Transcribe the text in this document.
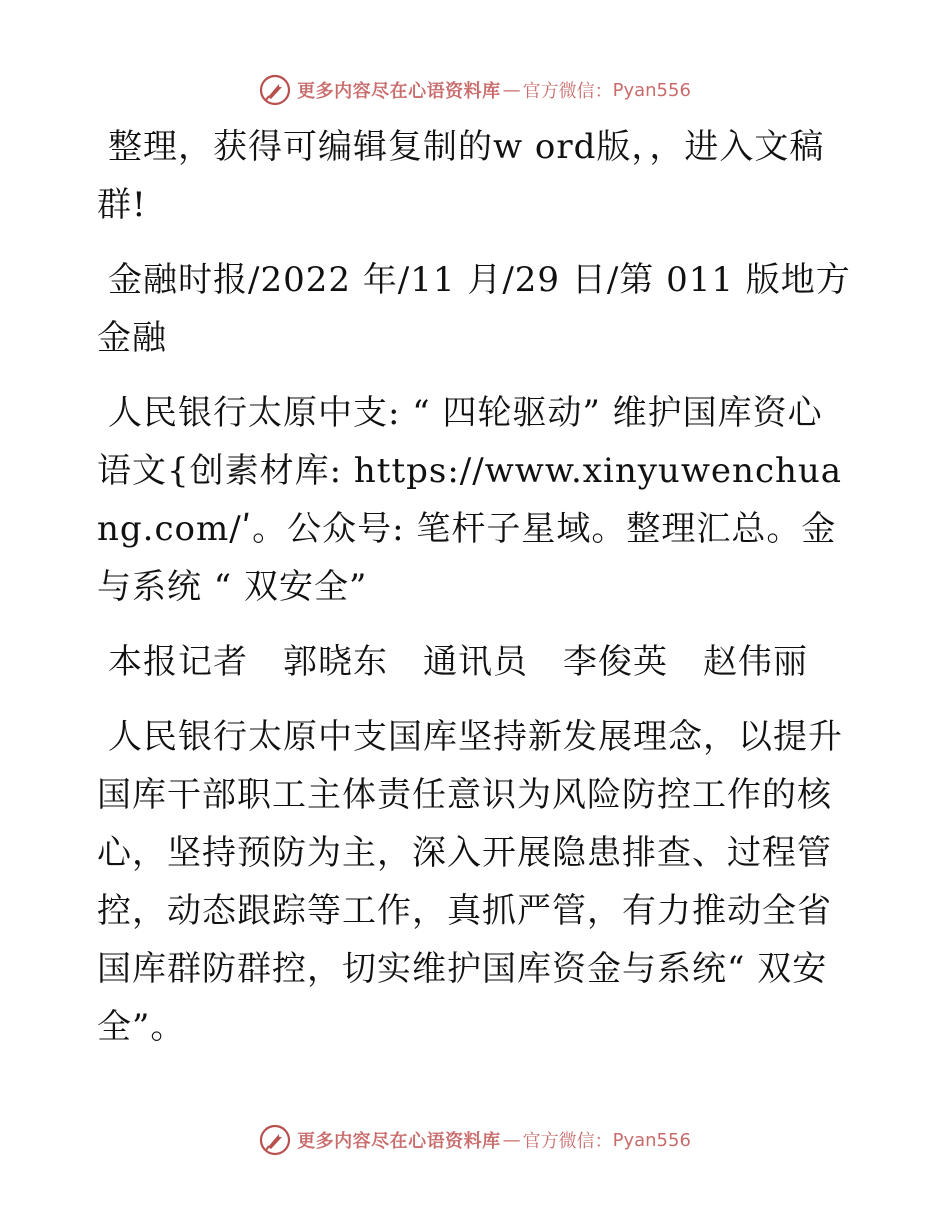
更多内容尽在心语资料库 — 官方微信： Pyan556

整理，获得可编辑复制的w ord版，，进入文稿群!

金融时报/2022 年/11 月/29 日/第 011 版地方金融

人民银行太原中支: “ 四轮驱动” 维护国库资心语文{创素材库: https://www.xinyuwenchuang.com/ʹ。公众号: 笔杆子星域。整理汇总。金与系统 “ 双安全”

本报记者　郭晓东　通讯员　李俊英　赵伟丽

人民银行太原中支国库坚持新发展理念，以提升国库干部职工主体责任意识为风险防控工作的核心，坚持预防为主，深入开展隐患排查、过程管控，动态跟踪等工作，真抓严管，有力推动全省国库群防群控，切实维护国库资金与系统“ 双安全”。

更多内容尽在心语资料库 — 官方微信： Pyan556
